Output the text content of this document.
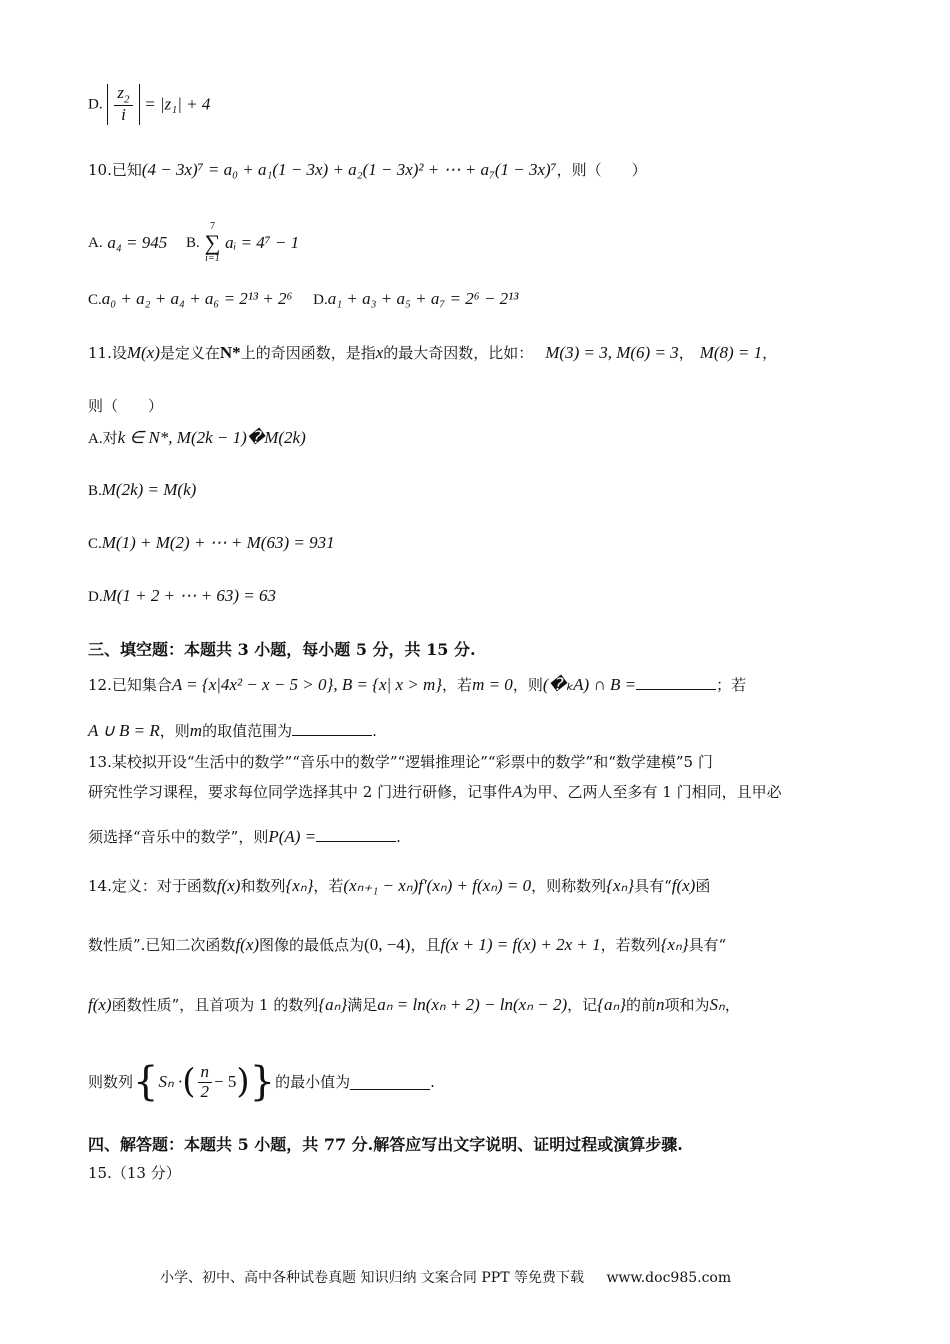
D. $\frac{z_2}{i} = |z_1| + 4$
10.已知(4 − 3x)⁷ = a₀ + a₁(1 − 3x) + a₂(1 − 3x)² + ⋯ + a₇(1 − 3x)⁷，则（　　）
A. a₄ = 945 B.
7
∑
i=1
aᵢ = 4⁷ − 1
C.a₀ + a₂ + a₄ + a₆ = 2¹³ + 2⁶ D.a₁ + a₃ + a₅ + a₇ = 2⁶ − 2¹³
11.设M(x)是定义在N*上的奇因函数，是指x的最大奇因数，比如： M(3) = 3, M(6) = 3， M(8) = 1，
则（　　）
A.对k ∈ N*, M(2k − 1)�M(2k)
B.M(2k) = M(k)
C.M(1) + M(2) + ⋯ + M(63) = 931
D.M(1 + 2 + ⋯ + 63) = 63
三、填空题：本题共 3 小题，每小题 5 分，共 15 分.
12.已知集合A = {x|4x² − x − 5 > 0}, B = {x| x > m}，若m = 0，则(�ₖA) ∩ B =	；若
A ∪ B = R，则m的取值范围为	.
13.某校拟开设“生活中的数学”“音乐中的数学”“逻辑推理论”“彩票中的数学”和“数学建模”5 门
研究性学习课程，要求每位同学选择其中 2 门进行研修，记事件A为甲、乙两人至多有 1 门相同，且甲必
须选择“音乐中的数学”，则P(A) =	.
14.定义：对于函数f(x)和数列{xₙ}，若(xₙ₊₁ − xₙ)f′(xₙ) + f(xₙ) = 0，则称数列{xₙ}具有“f(x)函
数性质”.已知二次函数f(x)图像的最低点为(0, −4)，且f(x + 1) = f(x) + 2x + 1，若数列{xₙ}具有“
f(x)函数性质”，且首项为 1 的数列{aₙ}满足aₙ = ln(xₙ + 2) − ln(xₙ − 2)，记{aₙ}的前n项和为Sₙ，
则数列{Sₙ ·( $\frac{n}{2} - 5$)}的最小值为	.
四、解答题：本题共 5 小题，共 77 分.解答应写出文字说明、证明过程或演算步骤.
15.（13 分）
小学、初中、高中各种试卷真题 知识归纳 文案合同 PPT 等免费下载 www.doc985.com
